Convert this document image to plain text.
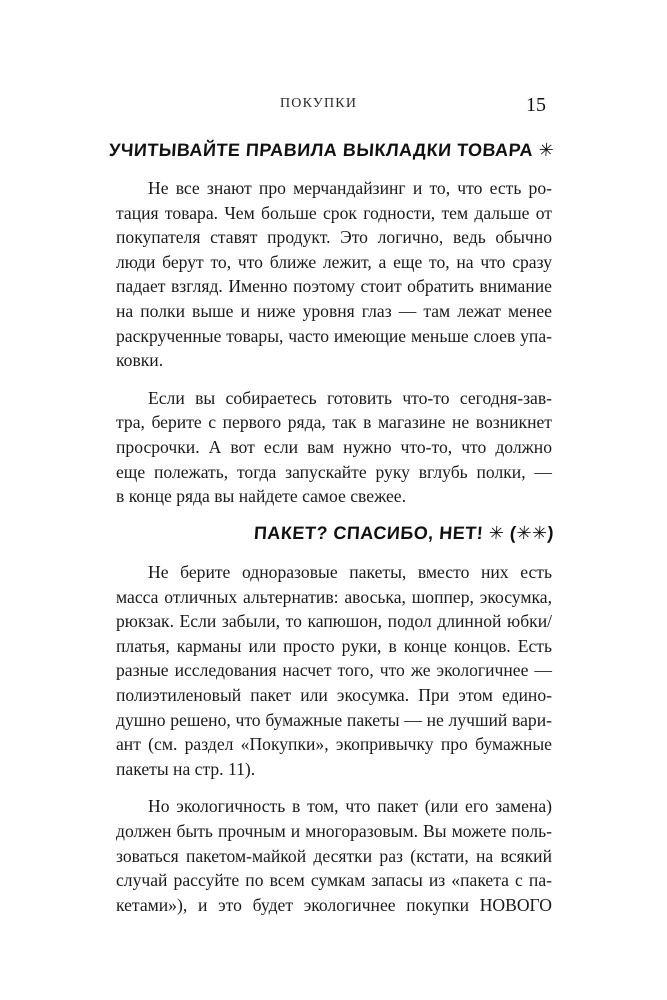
ПОКУПКИ	15
УЧИТЫВАЙТЕ ПРАВИЛА ВЫКЛАДКИ ТОВАРА ✳
Не все знают про мерчандайзинг и то, что есть ро-
тация товара. Чем больше срок годности, тем дальше от
покупателя ставят продукт. Это логично, ведь обычно
люди берут то, что ближе лежит, а еще то, на что сразу
падает взгляд. Именно поэтому стоит обратить внимание
на полки выше и ниже уровня глаз — там лежат менее
раскрученные товары, часто имеющие меньше слоев упа-
ковки.
Если вы собираетесь готовить что-то сегодня-зав-
тра, берите с первого ряда, так в магазине не возникнет
просрочки. А вот если вам нужно что-то, что должно
еще полежать, тогда запускайте руку вглубь полки, —
в конце ряда вы найдете самое свежее.
ПАКЕТ? СПАСИБО, НЕТ! ✳ (✳✳)
Не берите одноразовые пакеты, вместо них есть
масса отличных альтернатив: авоська, шоппер, экосумка,
рюкзак. Если забыли, то капюшон, подол длинной юбки/
платья, карманы или просто руки, в конце концов. Есть
разные исследования насчет того, что же экологичнее —
полиэтиленовый пакет или экосумка. При этом едино-
душно решено, что бумажные пакеты — не лучший вари-
ант (см. раздел «Покупки», экопривычку про бумажные
пакеты на стр. 11).
Но экологичность в том, что пакет (или его замена)
должен быть прочным и многоразовым. Вы можете поль-
зоваться пакетом-майкой десятки раз (кстати, на всякий
случай рассуйте по всем сумкам запасы из «пакета с па-
кетами»), и это будет экологичнее покупки НОВОГО
